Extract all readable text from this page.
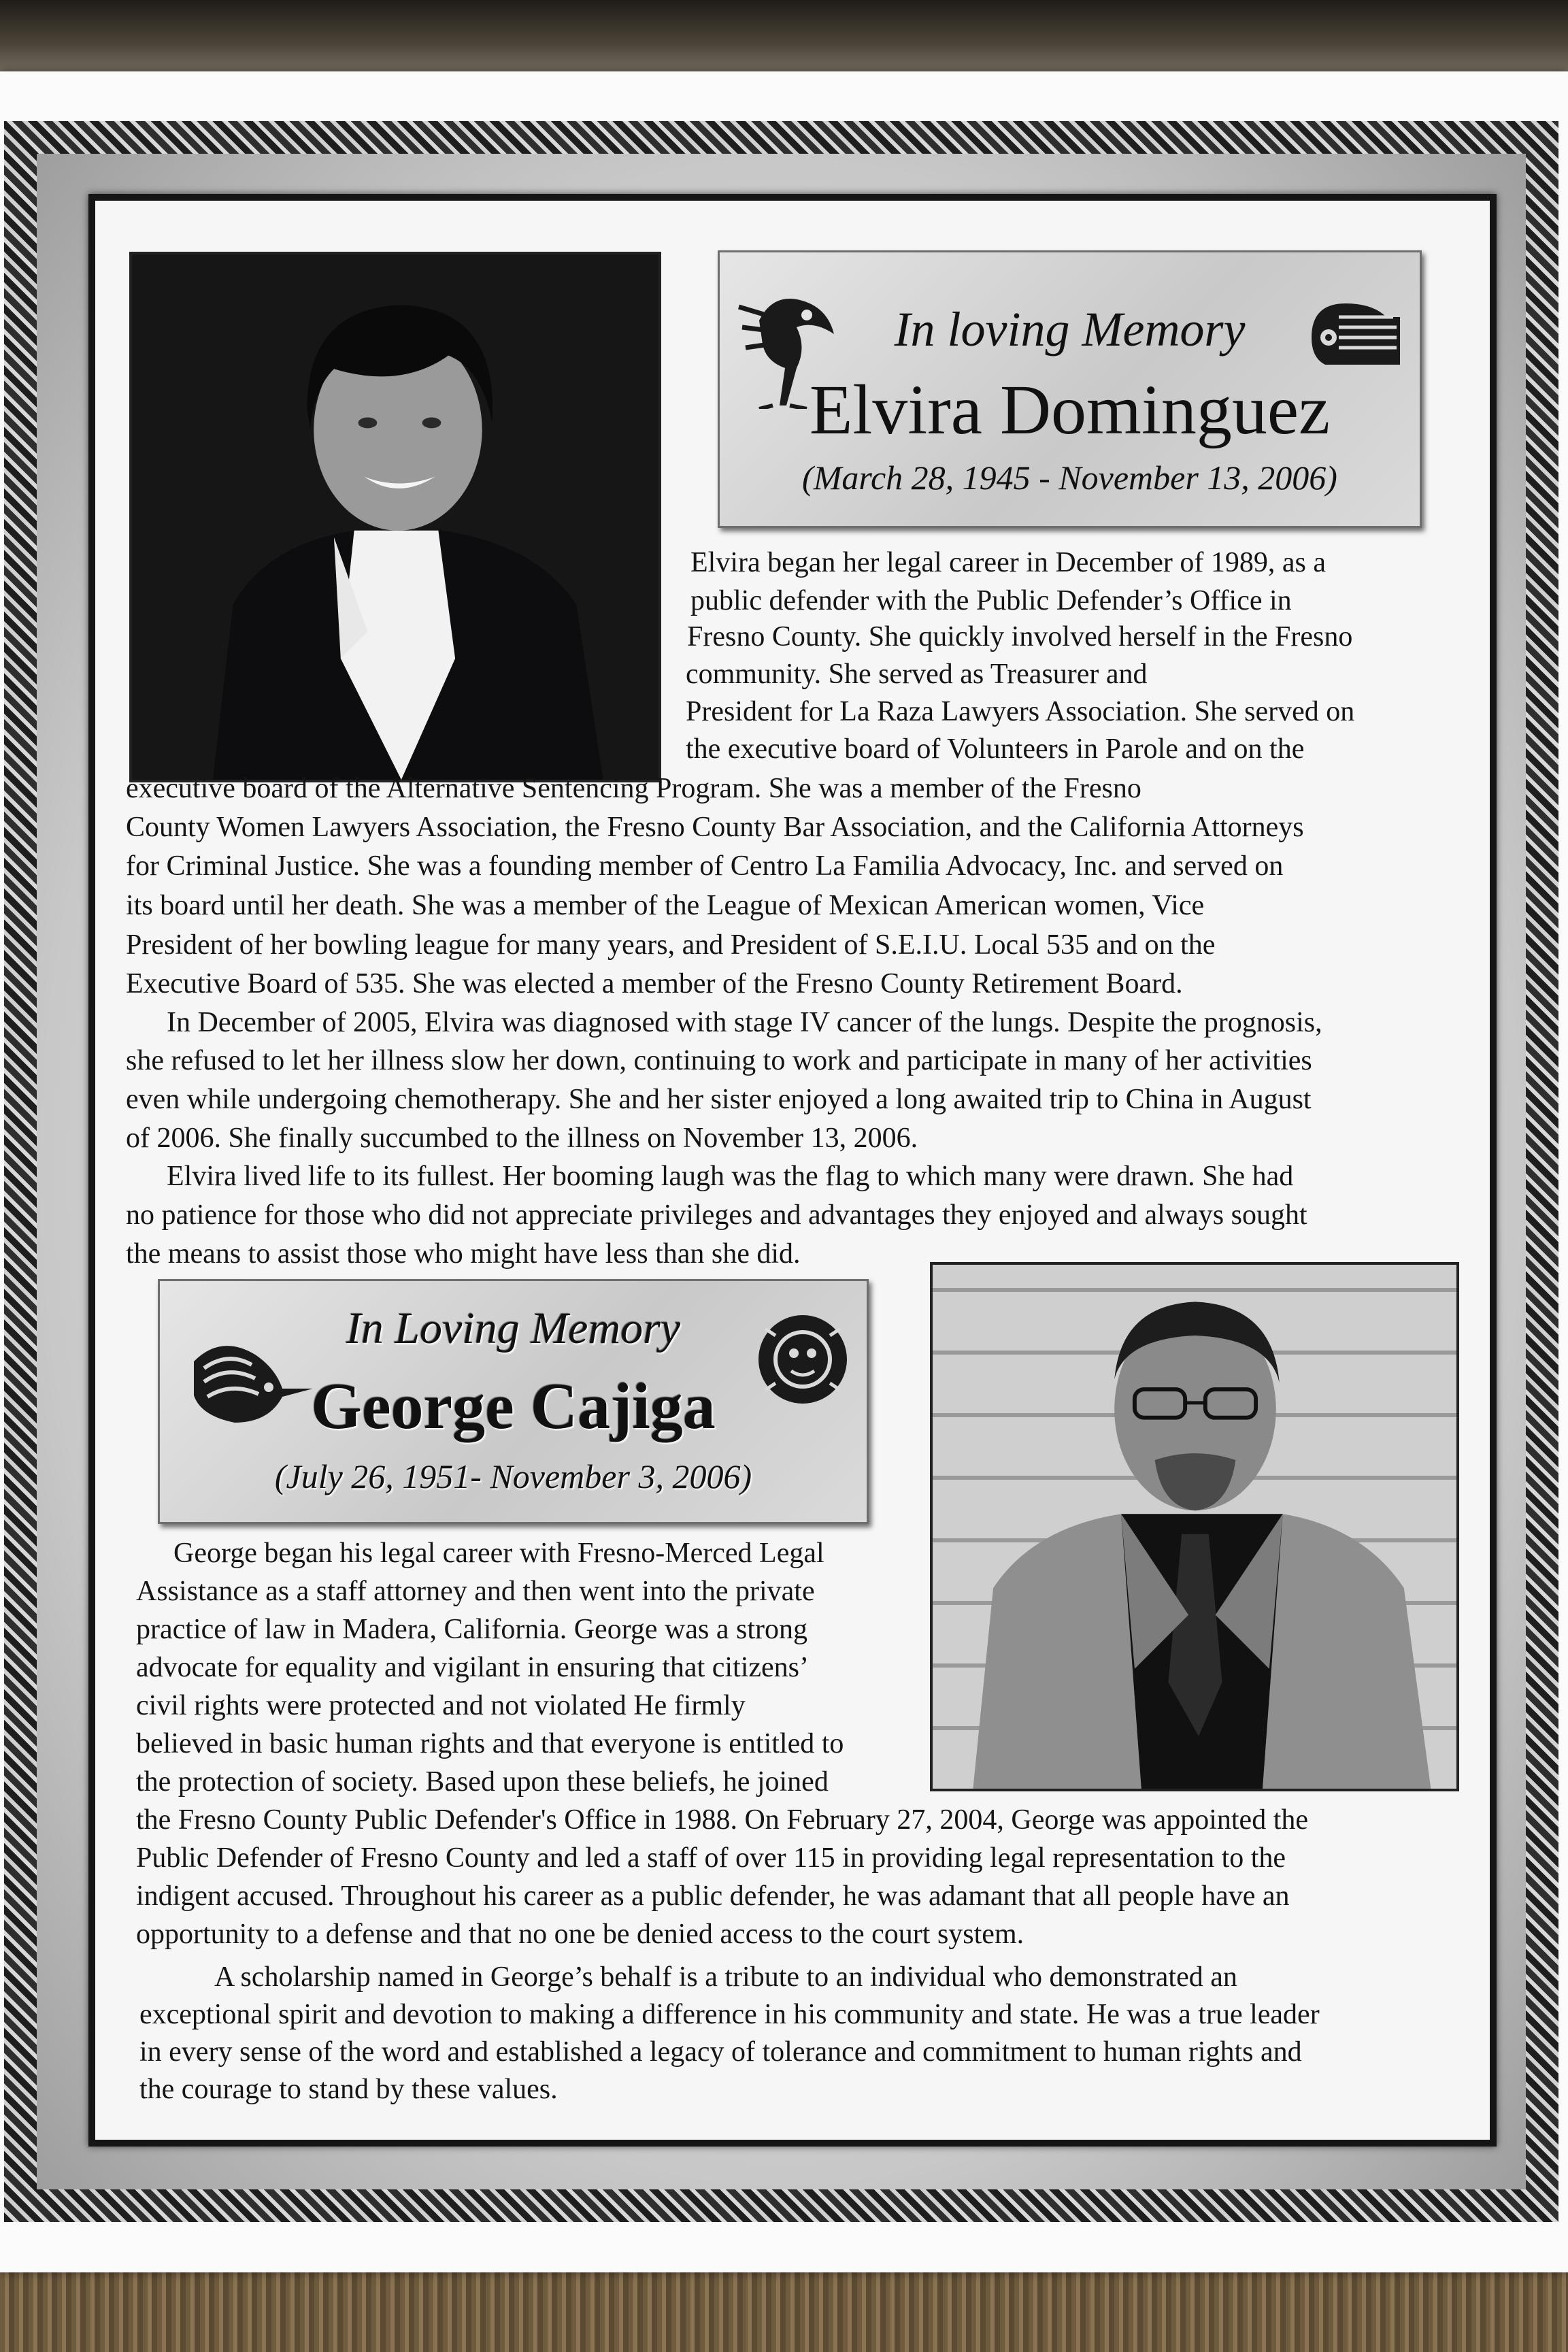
In loving Memory
Elvira Dominguez
(March 28, 1945 - November 13, 2006)
Elvira began her legal career in December of 1989, as a
public defender with the Public Defender’s Office in
Fresno County. She quickly involved herself in the Fresno
community. She served as Treasurer and
President for La Raza Lawyers Association. She served on
the executive board of Volunteers in Parole and on the
executive board of the Alternative Sentencing Program. She was a member of the Fresno
County Women Lawyers Association, the Fresno County Bar Association, and the California Attorneys
for Criminal Justice. She was a founding member of Centro La Familia Advocacy, Inc. and served on
its board until her death. She was a member of the League of Mexican American women, Vice
President of her bowling league for many years, and President of S.E.I.U. Local 535 and on the
Executive Board of 535. She was elected a member of the Fresno County Retirement Board.
In December of 2005, Elvira was diagnosed with stage IV cancer of the lungs. Despite the prognosis,
she refused to let her illness slow her down, continuing to work and participate in many of her activities
even while undergoing chemotherapy. She and her sister enjoyed a long awaited trip to China in August
of 2006. She finally succumbed to the illness on November 13, 2006.
Elvira lived life to its fullest. Her booming laugh was the flag to which many were drawn. She had
no patience for those who did not appreciate privileges and advantages they enjoyed and always sought
the means to assist those who might have less than she did.
In Loving Memory
George Cajiga
(July 26, 1951- November 3, 2006)
George began his legal career with Fresno-Merced Legal
Assistance as a staff attorney and then went into the private
practice of law in Madera, California. George was a strong
advocate for equality and vigilant in ensuring that citizens’
civil rights were protected and not violated He firmly
believed in basic human rights and that everyone is entitled to
the protection of society. Based upon these beliefs, he joined
the Fresno County Public Defender's Office in 1988. On February 27, 2004, George was appointed the
Public Defender of Fresno County and led a staff of over 115 in providing legal representation to the
indigent accused. Throughout his career as a public defender, he was adamant that all people have an
opportunity to a defense and that no one be denied access to the court system.
A scholarship named in George’s behalf is a tribute to an individual who demonstrated an
exceptional spirit and devotion to making a difference in his community and state. He was a true leader
in every sense of the word and established a legacy of tolerance and commitment to human rights and
the courage to stand by these values.
